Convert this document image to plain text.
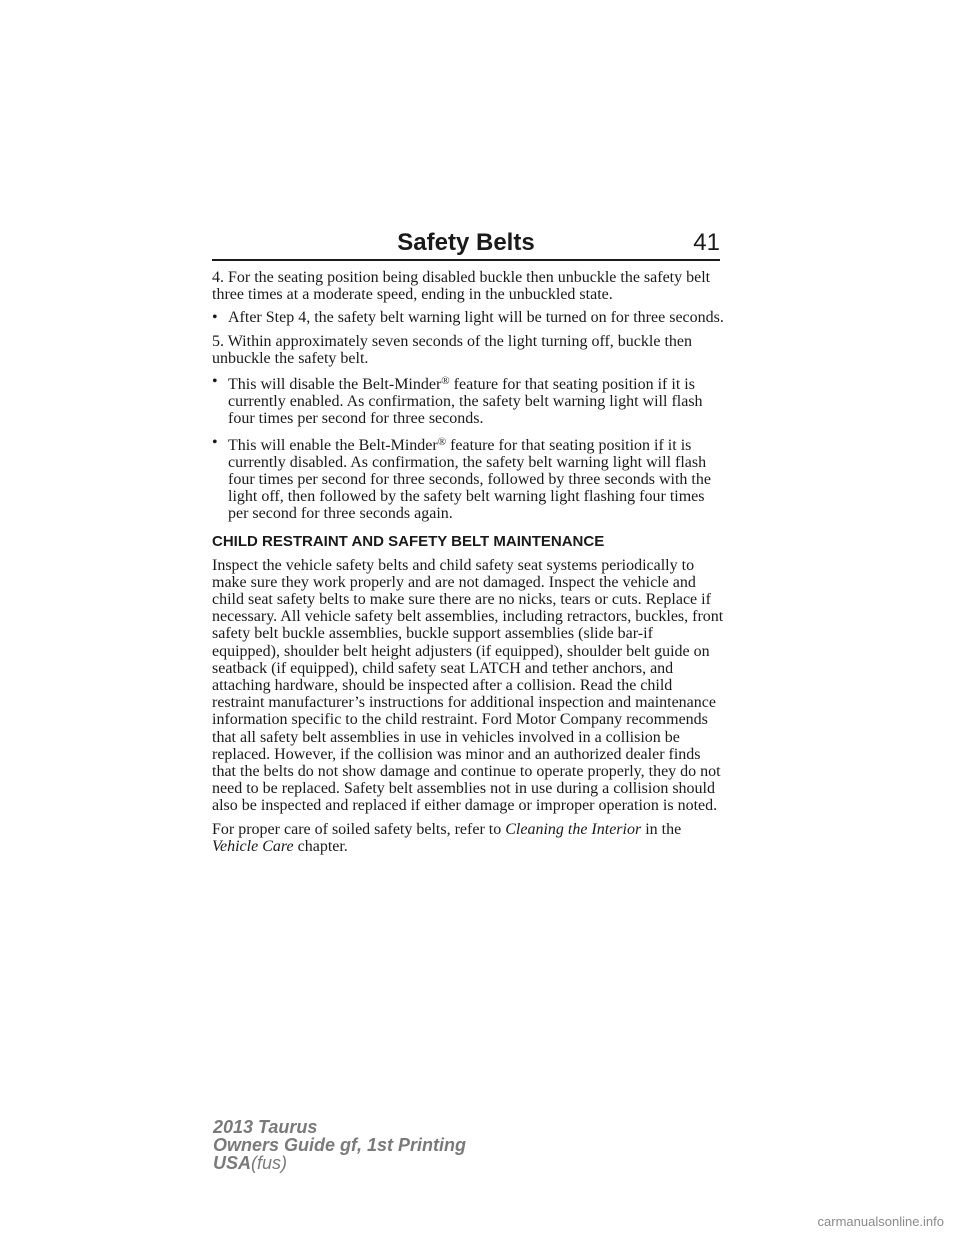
Safety Belts	41

4. For the seating position being disabled buckle then unbuckle the safety belt three times at a moderate speed, ending in the unbuckled state.

• After Step 4, the safety belt warning light will be turned on for three seconds.

5. Within approximately seven seconds of the light turning off, buckle then unbuckle the safety belt.

• This will disable the Belt-Minder® feature for that seating position if it is currently enabled. As confirmation, the safety belt warning light will flash four times per second for three seconds.
• This will enable the Belt-Minder® feature for that seating position if it is currently disabled. As confirmation, the safety belt warning light will flash four times per second for three seconds, followed by three seconds with the light off, then followed by the safety belt warning light flashing four times per second for three seconds again.
CHILD RESTRAINT AND SAFETY BELT MAINTENANCE

Inspect the vehicle safety belts and child safety seat systems periodically to make sure they work properly and are not damaged. Inspect the vehicle and child seat safety belts to make sure there are no nicks, tears or cuts. Replace if necessary. All vehicle safety belt assemblies, including retractors, buckles, front safety belt buckle assemblies, buckle support assemblies (slide bar-if equipped), shoulder belt height adjusters (if equipped), shoulder belt guide on seatback (if equipped), child safety seat LATCH and tether anchors, and attaching hardware, should be inspected after a collision. Read the child restraint manufacturer’s instructions for additional inspection and maintenance information specific to the child restraint. Ford Motor Company recommends that all safety belt assemblies in use in vehicles involved in a collision be replaced. However, if the collision was minor and an authorized dealer finds that the belts do not show damage and continue to operate properly, they do not need to be replaced. Safety belt assemblies not in use during a collision should also be inspected and replaced if either damage or improper operation is noted.

For proper care of soiled safety belts, refer to Cleaning the Interior in the Vehicle Care chapter.

2013 Taurus
Owners Guide gf, 1st Printing
USA(fus)
carmanualsonline.info
